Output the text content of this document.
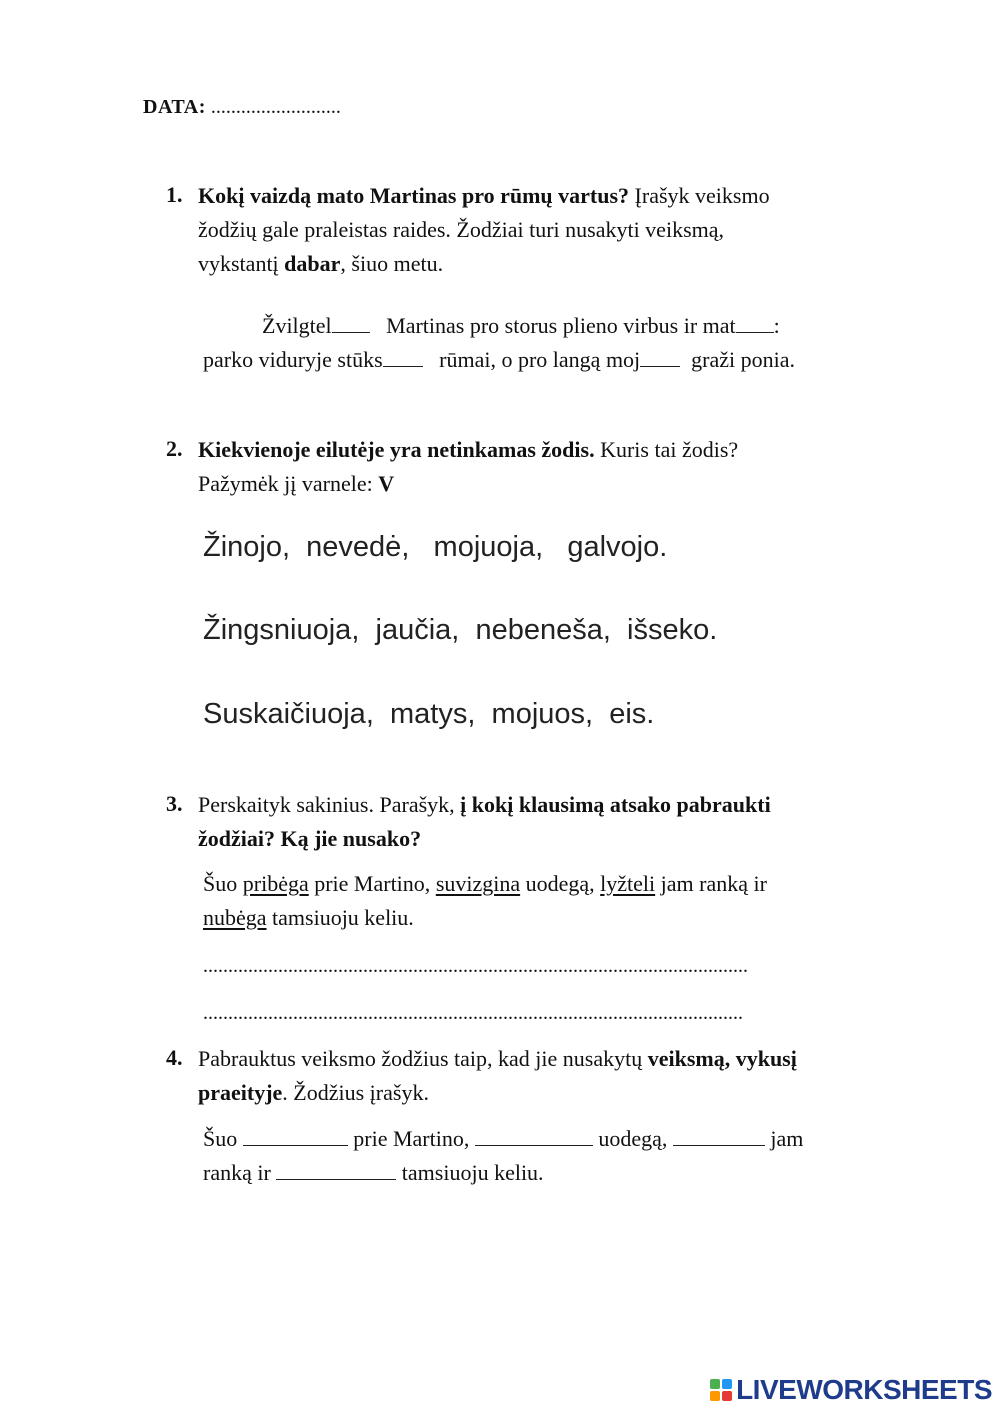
DATA: ..........................
1. Kokį vaizdą mato Martinas pro rūmų vartus? Įrašyk veiksmo
žodžių gale praleistas raides. Žodžiai turi nusakyti veiksmą,
vykstantį dabar, šiuo metu.
Žvilgtel Martinas pro storus plieno virbus ir mat :
parko viduryje stūks	rūmai, o pro langą moj graži ponia.
2. Kiekvienoje eilutėje yra netinkamas žodis. Kuris tai žodis?
Pažymėk jį varnele: V
Žinojo, nevedė, mojuoja, galvojo.
Žingsniuoja, jaučia, nebeneša, išseko.
Suskaičiuoja, matys, mojuos, eis.
3. Perskaityk sakinius. Parašyk, į kokį klausimą atsako pabraukti
žodžiai? Ką jie nusako?
Šuo pribėga prie Martino, suvizgina uodegą, lyžteli jam ranką ir
nubėga tamsiuoju keliu.
.............................................................................................................
............................................................................................................
4. Pabrauktus veiksmo žodžius taip, kad jie nusakytų veiksmą, vykusį
praeityje. Žodžius įrašyk.
Šuo	prie Martino,	uodegą,	jam
ranką ir	tamsiuoju keliu.
LIVEWORKSHEETS
